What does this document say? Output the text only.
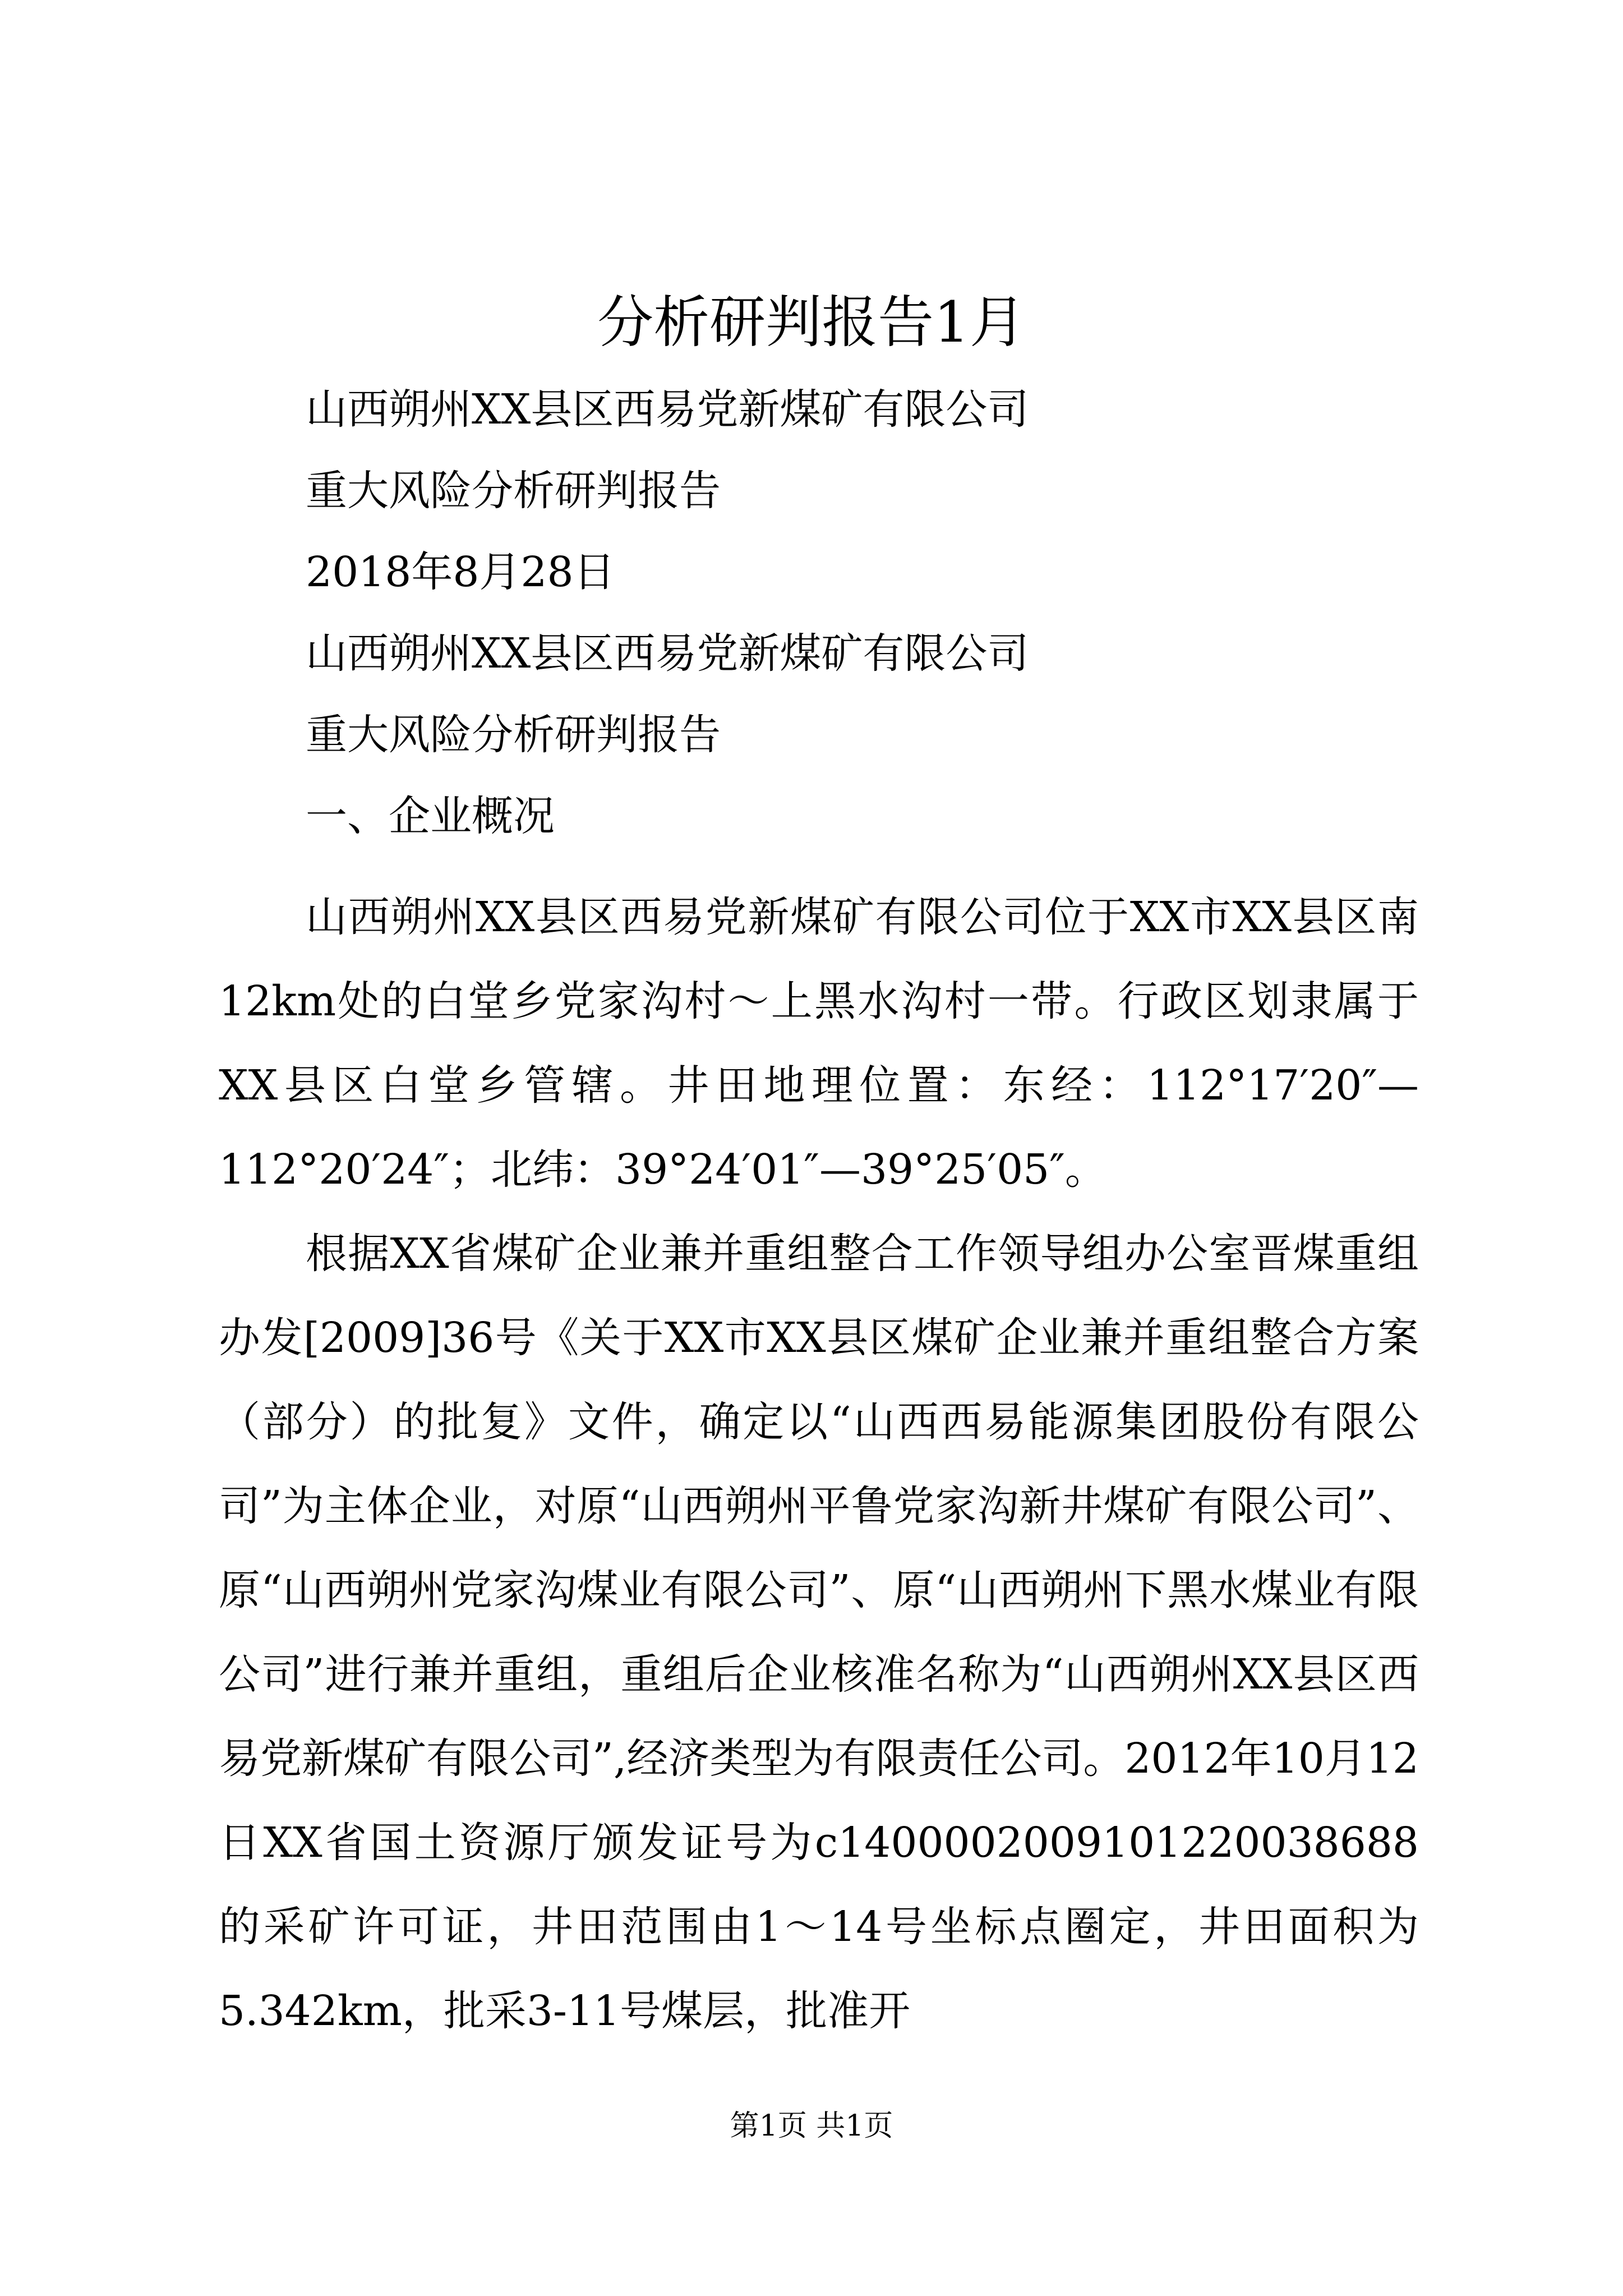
分析研判报告1月
山西朔州XX县区西易党新煤矿有限公司
重大风险分析研判报告
2018年8月28日
山西朔州XX县区西易党新煤矿有限公司
重大风险分析研判报告
一、企业概况

山西朔州XX县区西易党新煤矿有限公司位于XX市XX县区南12km处的白堂乡党家沟村～上黑水沟村一带。行政区划隶属于XX县区白堂乡管辖。井田地理位置：东经：112°17′20″—112°20′24″；北纬：39°24′01″—39°25′05″。

根据XX省煤矿企业兼并重组整合工作领导组办公室晋煤重组办发[2009]36号《关于XX市XX县区煤矿企业兼并重组整合方案（部分）的批复》文件，确定以“山西西易能源集团股份有限公司”为主体企业，对原“山西朔州平鲁党家沟新井煤矿有限公司”、原“山西朔州党家沟煤业有限公司”、原“山西朔州下黑水煤业有限公司”进行兼并重组，重组后企业核准名称为“山西朔州XX县区西易党新煤矿有限公司”,经济类型为有限责任公司。2012年10月12日XX省国土资源厅颁发证号为c1400002009101220038688的采矿许可证，井田范围由1～14号坐标点圈定，井田面积为5.342km，批采3-11号煤层，批准开

第1页 共1页
